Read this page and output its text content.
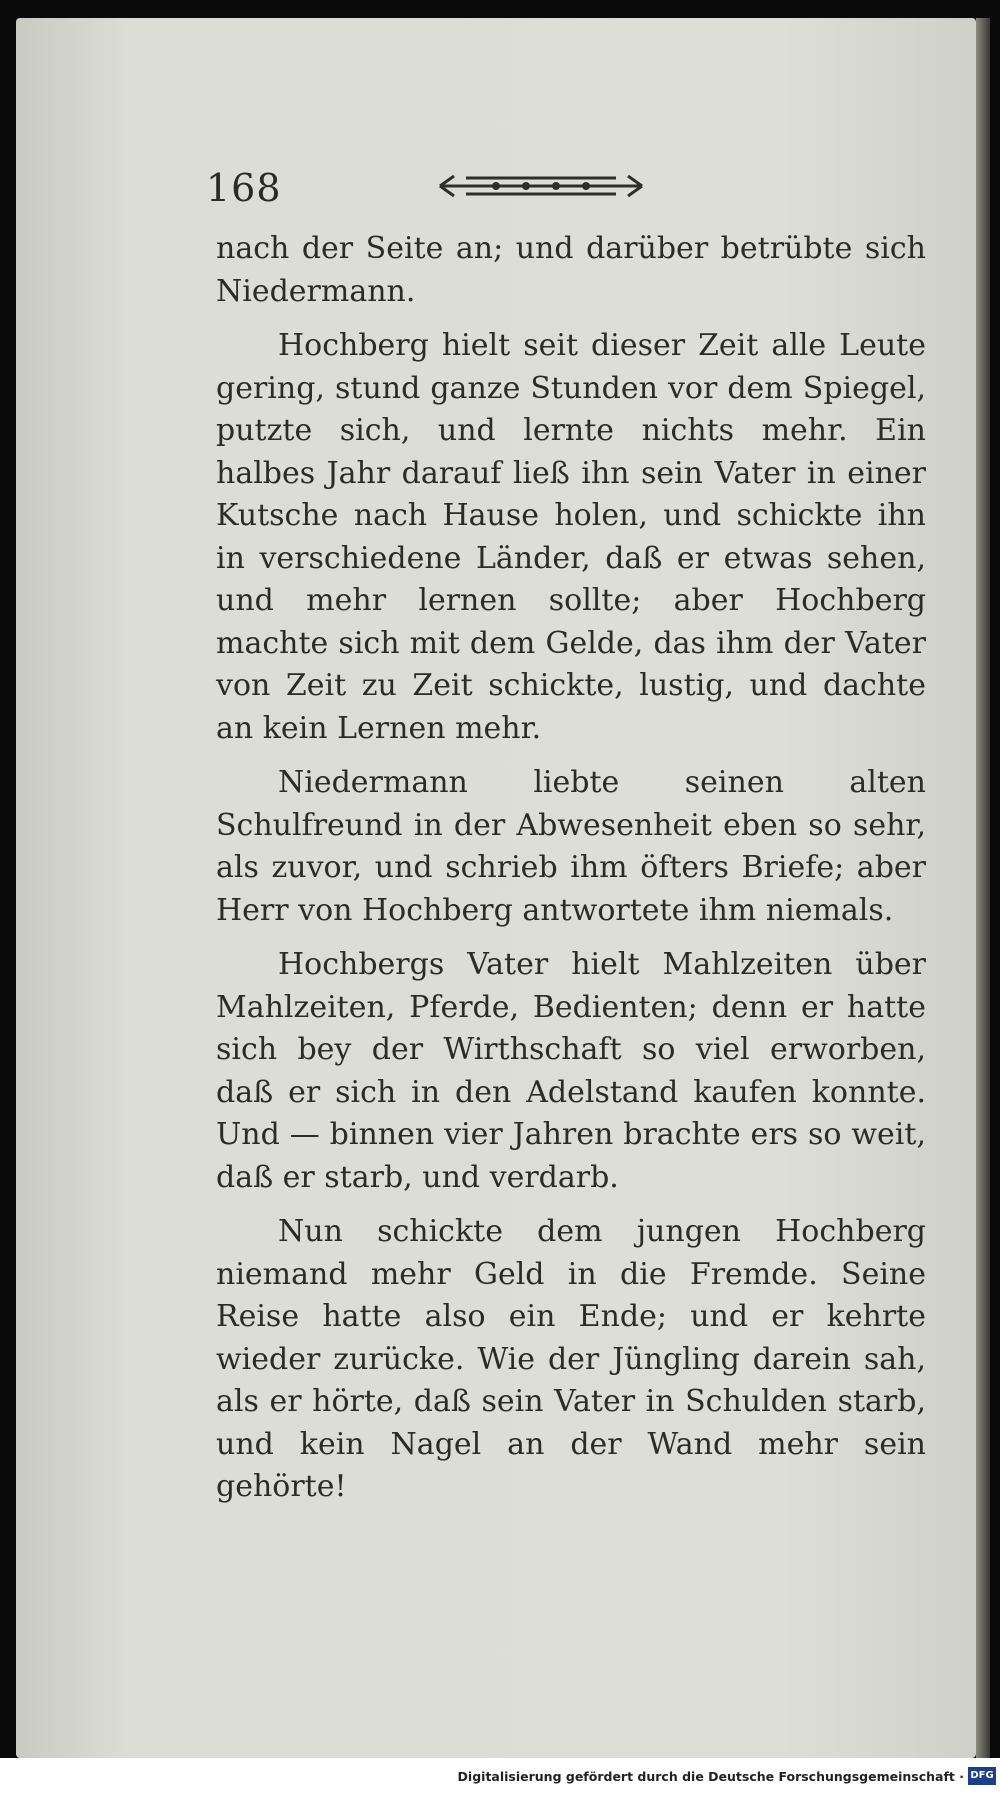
168

nach der Seite an; und darüber betrübte sich Niedermann.

Hochberg hielt seit dieser Zeit alle Leute gering, stund ganze Stunden vor dem Spiegel, putzte sich, und lernte nichts mehr. Ein halbes Jahr darauf ließ ihn sein Vater in einer Kutsche nach Hause holen, und schickte ihn in verschiedene Länder, daß er etwas sehen, und mehr lernen sollte; aber Hochberg machte sich mit dem Gelde, das ihm der Vater von Zeit zu Zeit schickte, lustig, und dachte an kein Lernen mehr.

Niedermann liebte seinen alten Schulfreund in der Abwesenheit eben so sehr, als zuvor, und schrieb ihm öfters Briefe; aber Herr von Hochberg antwortete ihm niemals.

Hochbergs Vater hielt Mahlzeiten über Mahlzeiten, Pferde, Bedienten; denn er hatte sich bey der Wirthschaft so viel erworben, daß er sich in den Adelstand kaufen konnte. Und — binnen vier Jahren brachte ers so weit, daß er starb, und verdarb.

Nun schickte dem jungen Hochberg niemand mehr Geld in die Fremde. Seine Reise hatte also ein Ende; und er kehrte wieder zurücke. Wie der Jüngling darein sah, als er hörte, daß sein Vater in Schulden starb, und kein Nagel an der Wand mehr sein gehörte!

Digitalisierung gefördert durch die Deutsche Forschungsgemeinschaft · DFG
